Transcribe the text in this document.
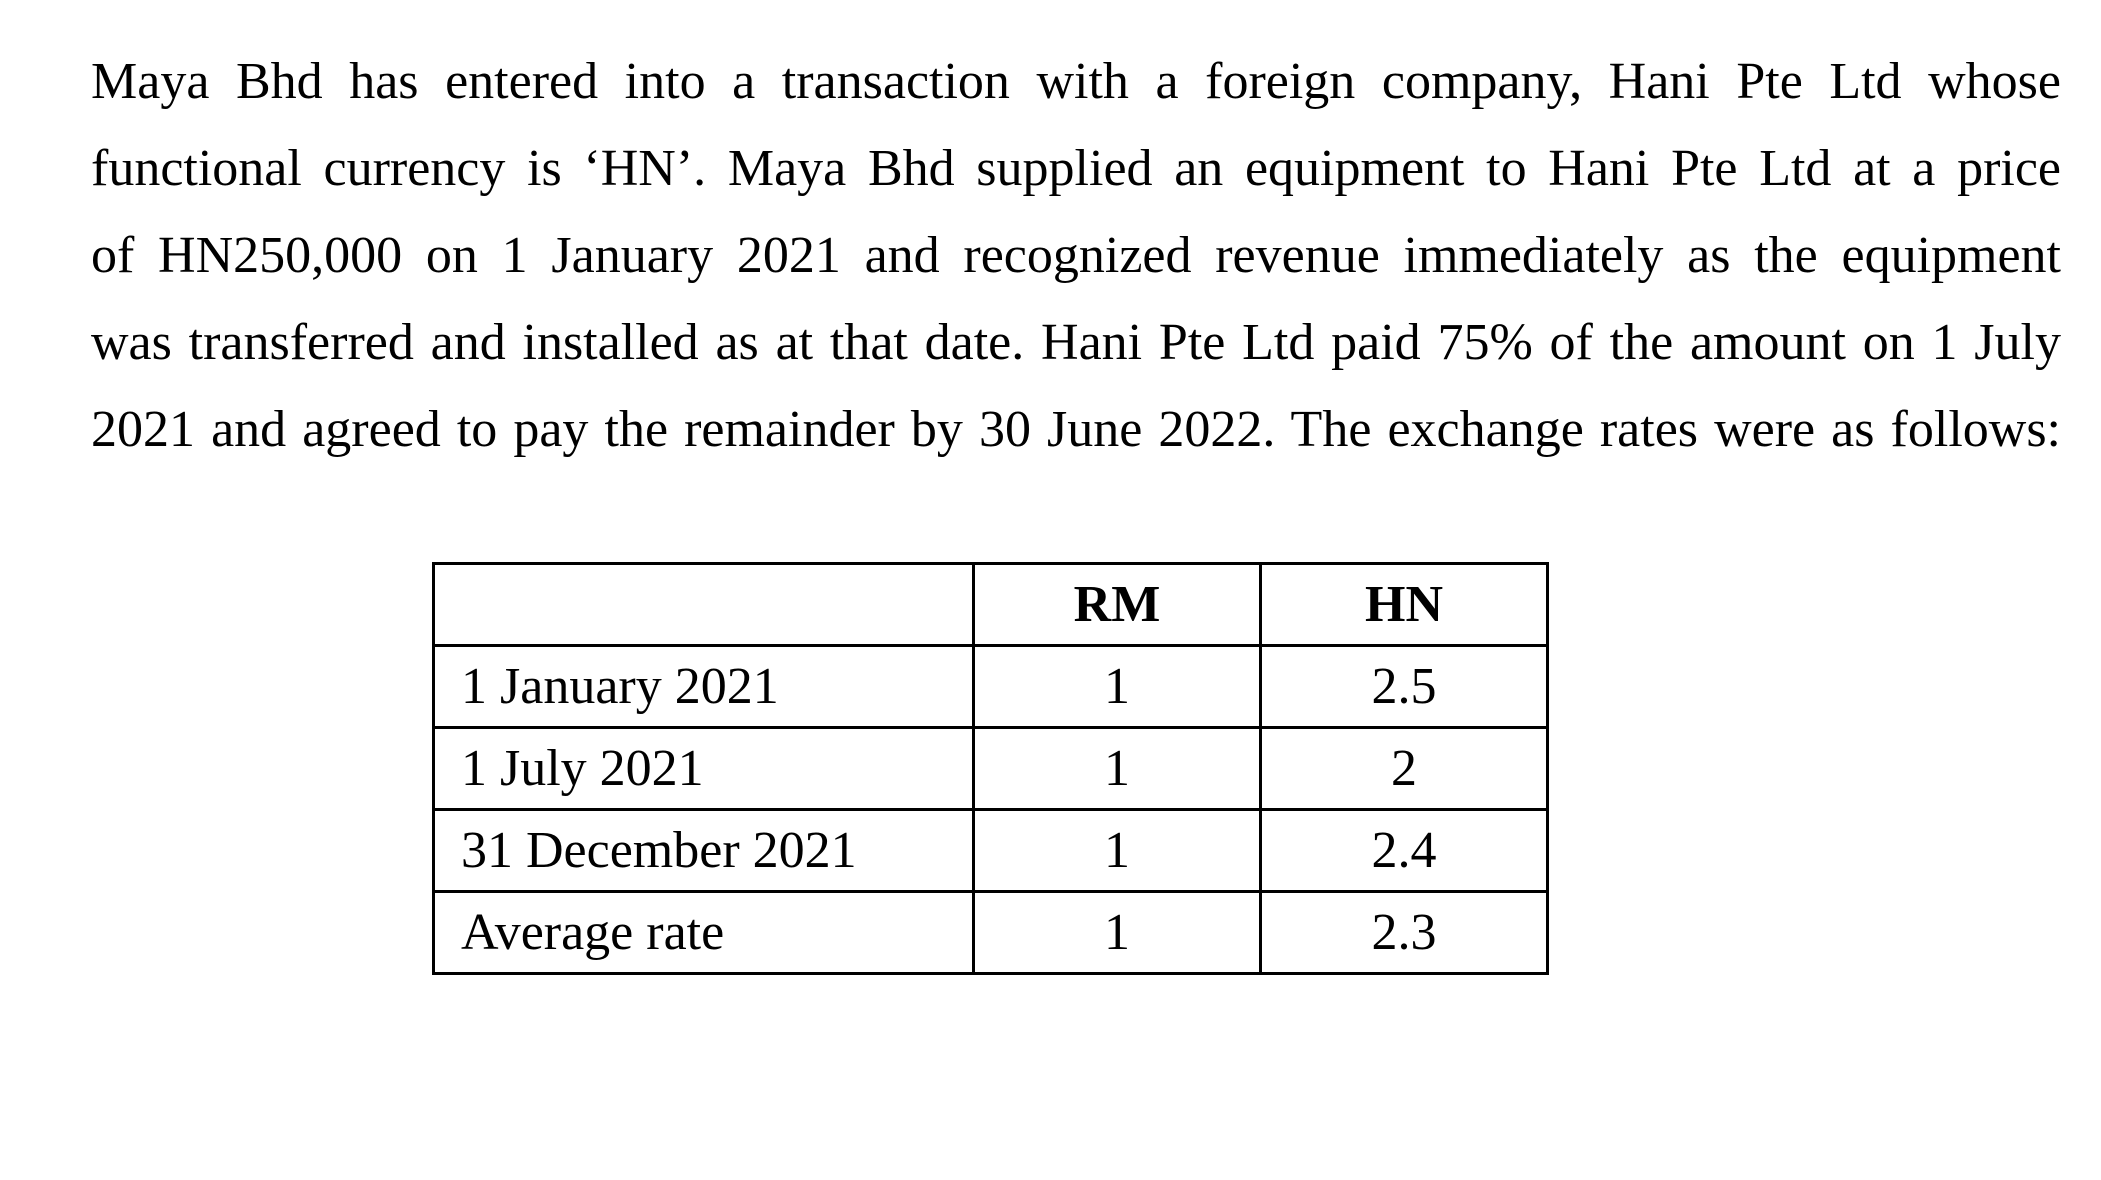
Maya Bhd has entered into a transaction with a foreign company, Hani Pte Ltd whose
functional currency is ‘HN’. Maya Bhd supplied an equipment to Hani Pte Ltd at a price
of HN250,000 on 1 January 2021 and recognized revenue immediately as the equipment
was transferred and installed as at that date. Hani Pte Ltd paid 75% of the amount on 1 July
2021 and agreed to pay the remainder by 30 June 2022. The exchange rates were as follows:
	RM	HN
1 January 2021	1	2.5
1 July 2021	1	2
31 December 2021	1	2.4
Average rate	1	2.3
